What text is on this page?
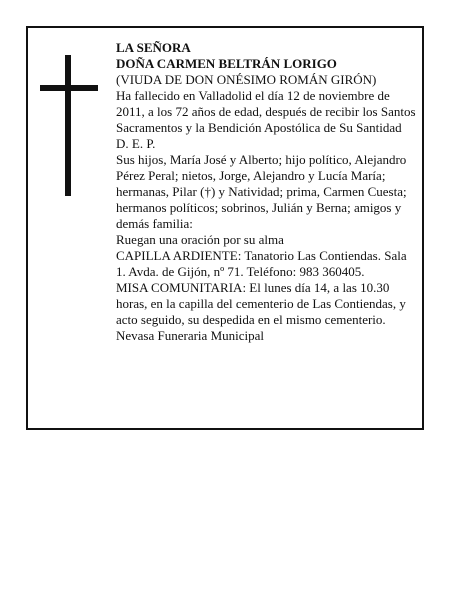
LA SEÑORA

DOÑA CARMEN BELTRÁN LORIGO

(VIUDA DE DON ONÉSIMO ROMÁN GIRÓN)

Ha fallecido en Valladolid el día 12 de noviembre de 2011, a los 72 años de edad, después de recibir los Santos Sacramentos y la Bendición Apostólica de Su Santidad

D. E. P.

Sus hijos, María José y Alberto; hijo político, Alejandro Pérez Peral; nietos, Jorge, Alejandro y Lucía María; hermanas, Pilar (†) y Natividad; prima, Carmen Cuesta; hermanos políticos; sobrinos, Julián y Berna; amigos y demás familia:

Ruegan una oración por su alma

CAPILLA ARDIENTE: Tanatorio Las Contiendas. Sala 1. Avda. de Gijón, nº 71. Teléfono: 983 360405.

MISA COMUNITARIA: El lunes día 14, a las 10.30 horas, en la capilla del cementerio de Las Contiendas, y acto seguido, su despedida en el mismo cementerio.

Nevasa Funeraria Municipal
